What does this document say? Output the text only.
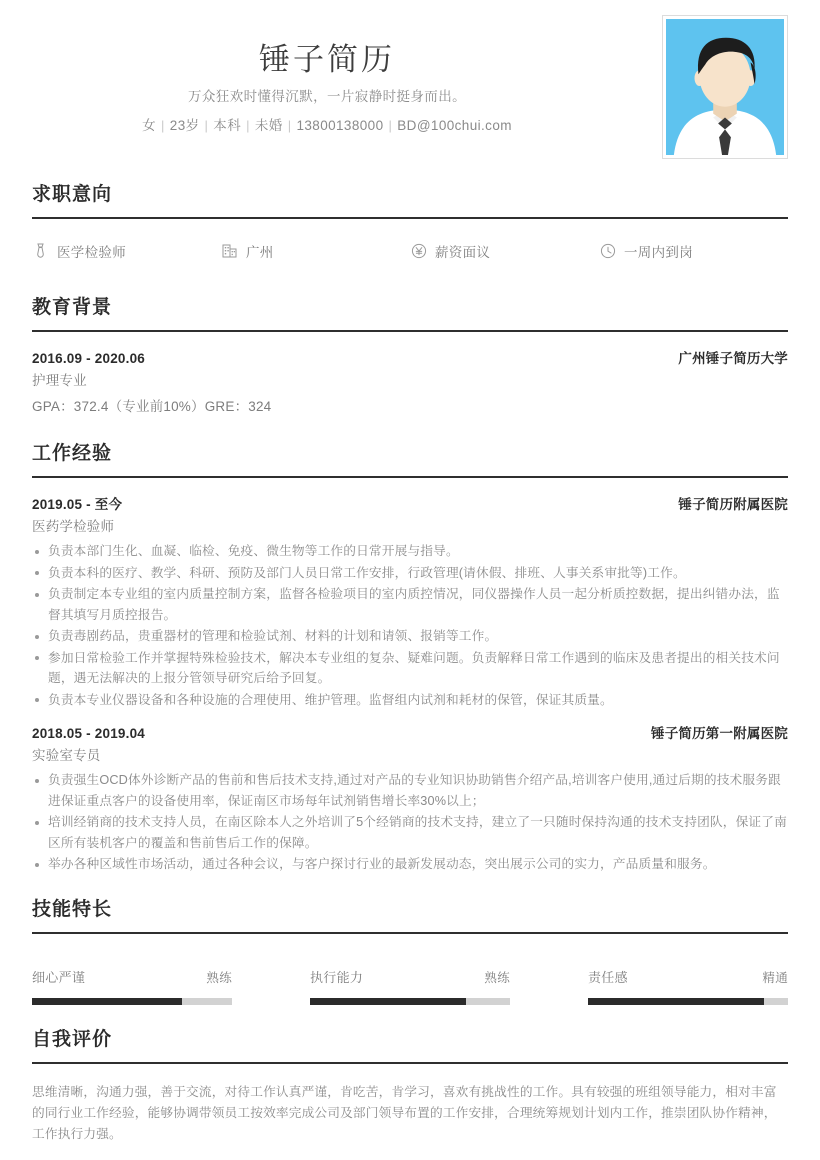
锤子简历
万众狂欢时懂得沉默，一片寂静时挺身而出。
女 | 23岁 | 本科 | 未婚 | 13800138000 | BD@100chui.com
求职意向
医学检验师	广州	薪资面议	一周内到岗
教育背景
2016.09 - 2020.06	广州锤子简历大学
护理专业
GPA：372.4（专业前10%）GRE：324
工作经验
2019.05 - 至今	锤子简历附属医院
医药学检验师
负责本部门生化、血凝、临检、免疫、微生物等工作的日常开展与指导。
负责本科的医疗、教学、科研、预防及部门人员日常工作安排，行政管理(请休假、排班、人事关系审批等)工作。
负责制定本专业组的室内质量控制方案，监督各检验项目的室内质控情况，同仪器操作人员一起分析质控数据，提出纠错办法，监督其填写月质控报告。
负责毒剧药品，贵重器材的管理和检验试剂、材料的计划和请领、报销等工作。
参加日常检验工作并掌握特殊检验技术，解决本专业组的复杂、疑难问题。负责解释日常工作遇到的临床及患者提出的相关技术问题，遇无法解决的上报分管领导研究后给予回复。
负责本专业仪器设备和各种设施的合理使用、维护管理。监督组内试剂和耗材的保管，保证其质量。
2018.05 - 2019.04	锤子简历第一附属医院
实验室专员
负责强生OCD体外诊断产品的售前和售后技术支持,通过对产品的专业知识协助销售介绍产品,培训客户使用,通过后期的技术服务跟进保证重点客户的设备使用率，保证南区市场每年试剂销售增长率30%以上；
培训经销商的技术支持人员，在南区除本人之外培训了5个经销商的技术支持，建立了一只随时保持沟通的技术支持团队，保证了南区所有装机客户的覆盖和售前售后工作的保障。
举办各种区域性市场活动，通过各种会议，与客户探讨行业的最新发展动态，突出展示公司的实力，产品质量和服务。
技能特长
细心严谨	熟练	执行能力	熟练	责任感	精通
自我评价
思维清晰，沟通力强，善于交流，对待工作认真严谨，肯吃苦，肯学习，喜欢有挑战性的工作。具有较强的班组领导能力，相对丰富的同行业工作经验，能够协调带领员工按效率完成公司及部门领导布置的工作安排，合理统筹规划计划内工作，推崇团队协作精神，工作执行力强。
